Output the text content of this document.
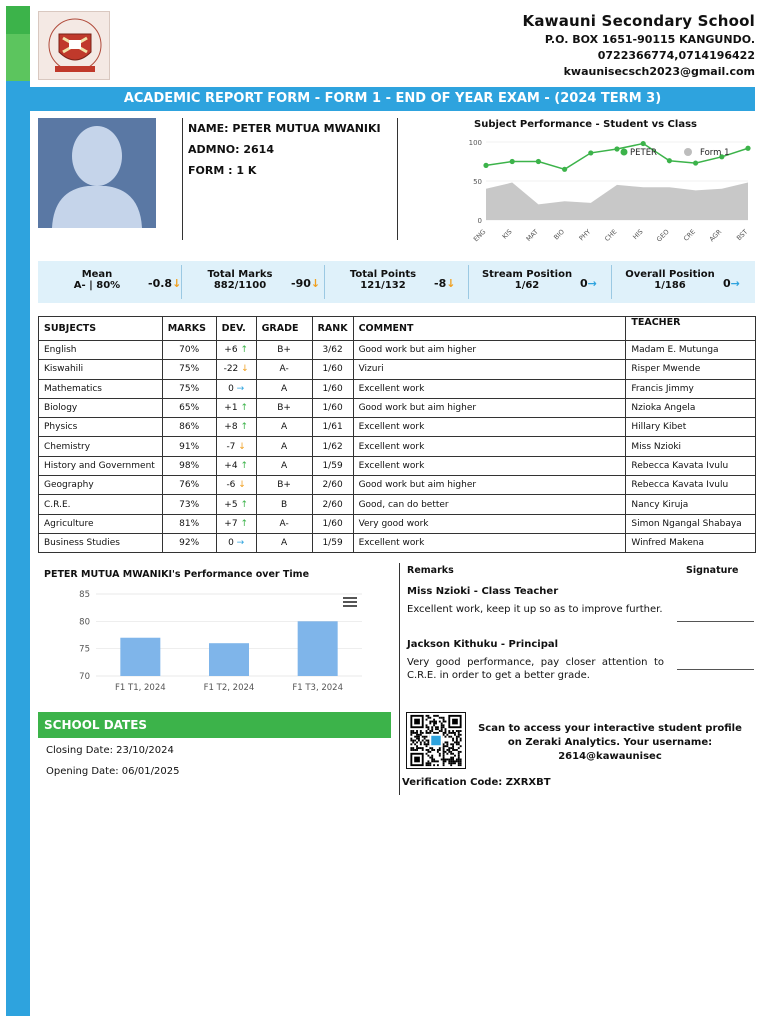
Kawauni Secondary School
P.O. BOX 1651-90115 KANGUNDO.
0722366774,0714196422
kwaunisecsch2023@gmail.com
ACADEMIC REPORT FORM - FORM 1 - END OF YEAR EXAM - (2024 TERM 3)
NAME: PETER MUTUA MWANIKI
ADMNO: 2614
FORM : 1 K
Subject Performance - Student vs Class
100
50
0
ENG KIS MAT BIO PHY CHE HIS GEO CRE AGR BST
PETER	Form 1
Mean
A- | 80%	-0.8↓
Total Marks
882/1100	-90↓
Total Points
121/132	-8↓
Stream Position
1/62	0→
Overall Position
1/186	0→
SUBJECTS	MARKS	DEV.	GRADE	RANK	COMMENT	TEACHER
English	70%	+6 ↑	B+	3/62	Good work but aim higher	Madam E. Mutunga
Kiswahili	75%	-22 ↓	A-	1/60	Vizuri	Risper Mwende
Mathematics	75%	0 →	A	1/60	Excellent work	Francis Jimmy
Biology	65%	+1 ↑	B+	1/60	Good work but aim higher	Nzioka Angela
Physics	86%	+8 ↑	A	1/61	Excellent work	Hillary Kibet
Chemistry	91%	-7 ↓	A	1/62	Excellent work	Miss Nzioki
History and Government	98%	+4 ↑	A	1/59	Excellent work	Rebecca Kavata Ivulu
Geography	76%	-6 ↓	B+	2/60	Good work but aim higher	Rebecca Kavata Ivulu
C.R.E.	73%	+5 ↑	B	2/60	Good, can do better	Nancy Kiruja
Agriculture	81%	+7 ↑	A-	1/60	Very good work	Simon Ngangal Shabaya
Business Studies	92%	0 →	A	1/59	Excellent work	Winfred Makena
PETER MUTUA MWANIKI's Performance over Time
85
80
75
70
F1 T1, 2024	F1 T2, 2024	F1 T3, 2024
Remarks	Signature
Miss Nzioki - Class Teacher
Excellent work, keep it up so as to improve further.
Jackson Kithuku - Principal
Very good performance, pay closer attention to C.R.E. in order to get a better grade.
SCHOOL DATES
Closing Date: 23/10/2024
Opening Date: 06/01/2025
Scan to access your interactive student profile on Zeraki Analytics. Your username: 2614@kawaunisec
Verification Code: ZXRXBT
